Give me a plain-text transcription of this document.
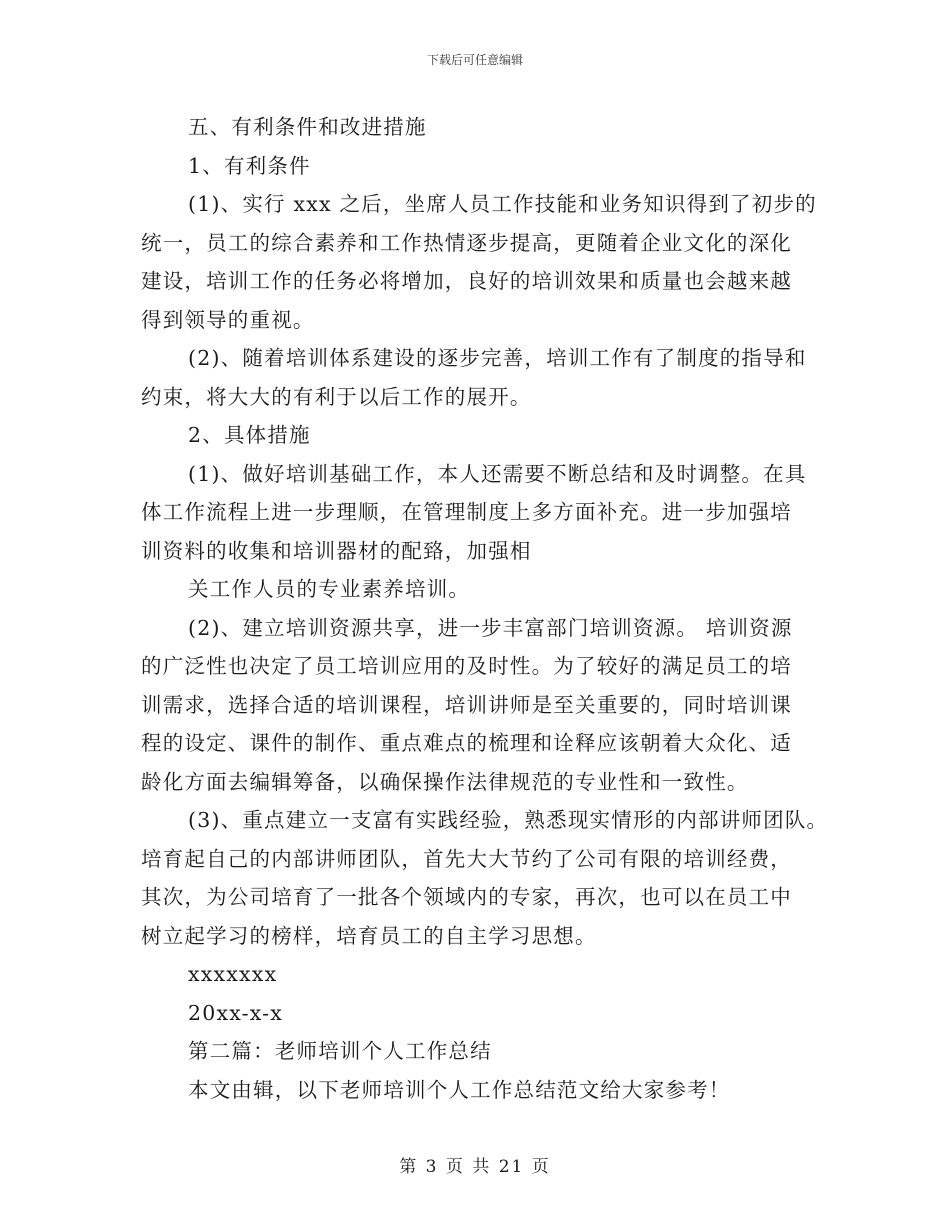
下载后可任意编辑
五、有利条件和改进措施
1、有利条件
(1)、实行 xxx 之后，坐席人员工作技能和业务知识得到了初步的
统一，员工的综合素养和工作热情逐步提高，更随着企业文化的深化
建设，培训工作的任务必将增加，良好的培训效果和质量也会越来越
得到领导的重视。
(2)、随着培训体系建设的逐步完善，培训工作有了制度的指导和
约束，将大大的有利于以后工作的展开。
2、具体措施
(1)、做好培训基础工作，本人还需要不断总结和及时调整。在具
体工作流程上进一步理顺，在管理制度上多方面补充。进一步加强培
训资料的收集和培训器材的配臵，加强相
关工作人员的专业素养培训。
(2)、建立培训资源共享，进一步丰富部门培训资源。 培训资源
的广泛性也决定了员工培训应用的及时性。为了较好的满足员工的培
训需求，选择合适的培训课程，培训讲师是至关重要的，同时培训课
程的设定、课件的制作、重点难点的梳理和诠释应该朝着大众化、适
龄化方面去编辑筹备，以确保操作法律规范的专业性和一致性。
(3)、重点建立一支富有实践经验，熟悉现实情形的内部讲师团队。
培育起自己的内部讲师团队，首先大大节约了公司有限的培训经费，
其次，为公司培育了一批各个领域内的专家，再次，也可以在员工中
树立起学习的榜样，培育员工的自主学习思想。
xxxxxxx
20xx-x-x
第二篇：老师培训个人工作总结
本文由辑，以下老师培训个人工作总结范文给大家参考！
第 3 页 共 21 页
